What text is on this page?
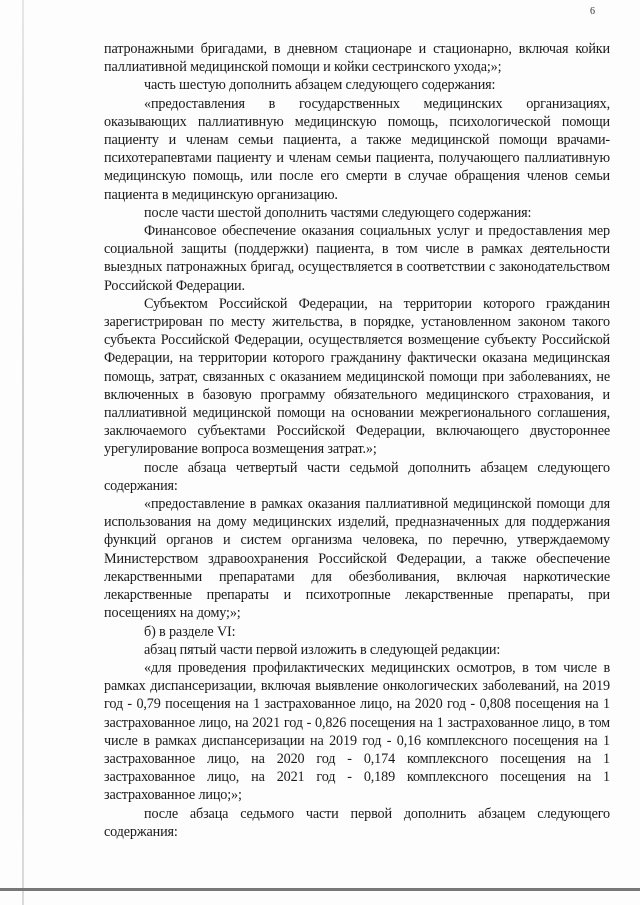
6

патронажными бригадами, в дневном стационаре и стационарно, включая койки паллиативной медицинской помощи и койки сестринского ухода;»;

часть шестую дополнить абзацем следующего содержания:

«предоставления в государственных медицинских организациях, оказывающих паллиативную медицинскую помощь, психологической помощи пациенту и членам семьи пациента, а также медицинской помощи врачами-психотерапевтами пациенту и членам семьи пациента, получающего паллиативную медицинскую помощь, или после его смерти в случае обращения членов семьи пациента в медицинскую организацию.

после части шестой дополнить частями следующего содержания:

Финансовое обеспечение оказания социальных услуг и предоставления мер социальной защиты (поддержки) пациента, в том числе в рамках деятельности выездных патронажных бригад, осуществляется в соответствии с законодательством Российской Федерации.

Субъектом Российской Федерации, на территории которого гражданин зарегистрирован по месту жительства, в порядке, установленном законом такого субъекта Российской Федерации, осуществляется возмещение субъекту Российской Федерации, на территории которого гражданину фактически оказана медицинская помощь, затрат, связанных с оказанием медицинской помощи при заболеваниях, не включенных в базовую программу обязательного медицинского страхования, и паллиативной медицинской помощи на основании межрегионального соглашения, заключаемого субъектами Российской Федерации, включающего двустороннее урегулирование вопроса возмещения затрат.»;

после абзаца четвертый части седьмой дополнить абзацем следующего содержания:

«предоставление в рамках оказания паллиативной медицинской помощи для использования на дому медицинских изделий, предназначенных для поддержания функций органов и систем организма человека, по перечню, утверждаемому Министерством здравоохранения Российской Федерации, а также обеспечение лекарственными препаратами для обезболивания, включая наркотические лекарственные препараты и психотропные лекарственные препараты, при посещениях на дому;»;

б) в разделе VI:

абзац пятый части первой изложить в следующей редакции:

«для проведения профилактических медицинских осмотров, в том числе в рамках диспансеризации, включая выявление онкологических заболеваний, на 2019 год - 0,79 посещения на 1 застрахованное лицо, на 2020 год - 0,808 посещения на 1 застрахованное лицо, на 2021 год - 0,826 посещения на 1 застрахованное лицо, в том числе в рамках диспансеризации на 2019 год - 0,16 комплексного посещения на 1 застрахованное лицо, на 2020 год - 0,174 комплексного посещения на 1 застрахованное лицо, на 2021 год - 0,189 комплексного посещения на 1 застрахованное лицо;»;

после абзаца седьмого части первой дополнить абзацем следующего содержания:
